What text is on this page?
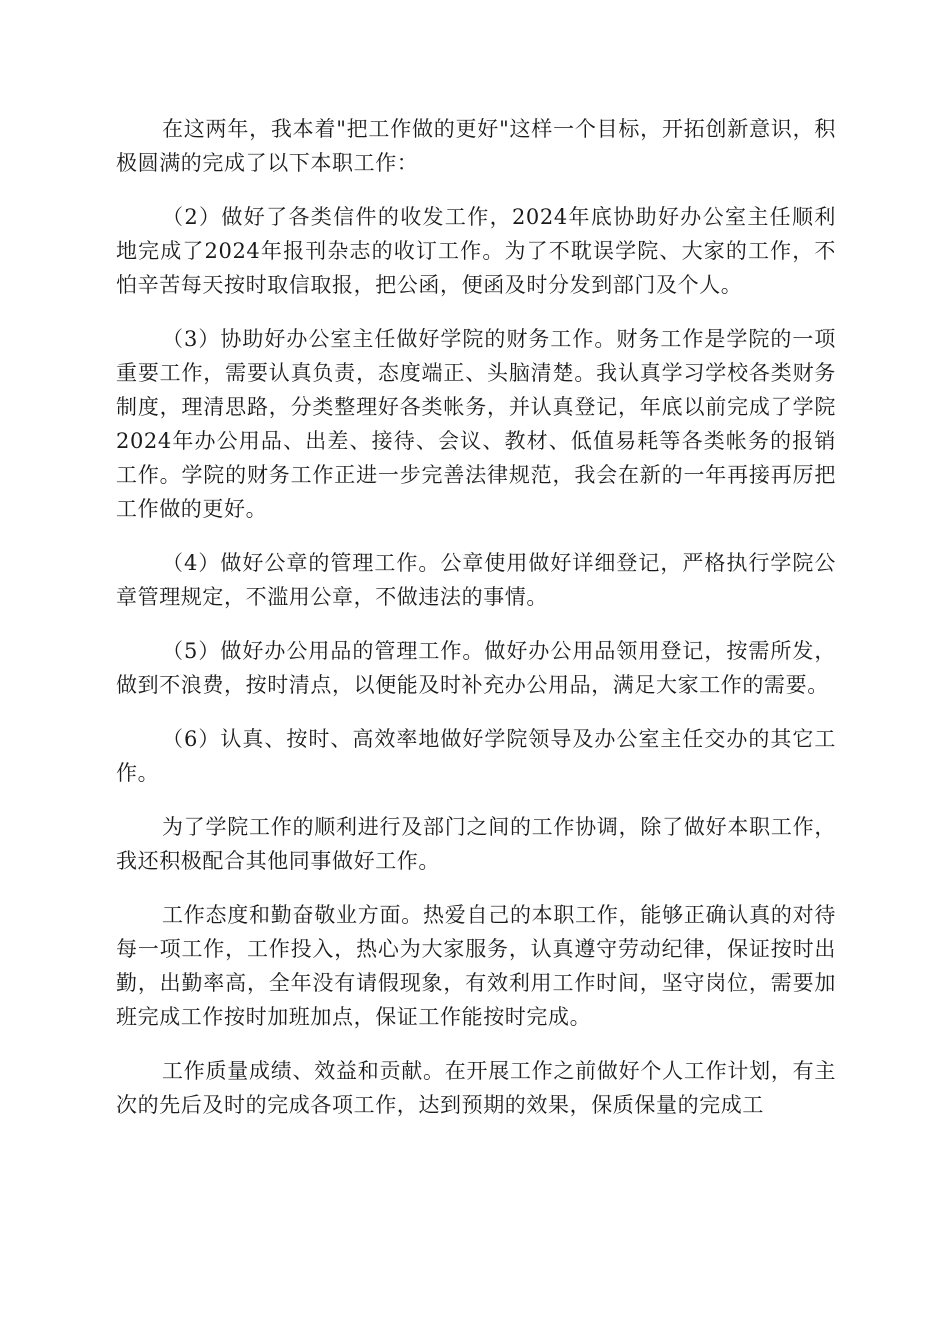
在这两年，我本着"把工作做的更好"这样一个目标，开拓创新意识，积极圆满的完成了以下本职工作：

（2）做好了各类信件的收发工作，2024年底协助好办公室主任顺利地完成了2024年报刊杂志的收订工作。为了不耽误学院、大家的工作，不怕辛苦每天按时取信取报，把公函，便函及时分发到部门及个人。

（3）协助好办公室主任做好学院的财务工作。财务工作是学院的一项重要工作，需要认真负责，态度端正、头脑清楚。我认真学习学校各类财务制度，理清思路，分类整理好各类帐务，并认真登记，年底以前完成了学院2024年办公用品、出差、接待、会议、教材、低值易耗等各类帐务的报销工作。学院的财务工作正进一步完善法律规范，我会在新的一年再接再厉把工作做的更好。

（4）做好公章的管理工作。公章使用做好详细登记，严格执行学院公章管理规定，不滥用公章，不做违法的事情。

（5）做好办公用品的管理工作。做好办公用品领用登记，按需所发，做到不浪费，按时清点，以便能及时补充办公用品，满足大家工作的需要。

（6）认真、按时、高效率地做好学院领导及办公室主任交办的其它工作。

为了学院工作的顺利进行及部门之间的工作协调，除了做好本职工作，我还积极配合其他同事做好工作。

工作态度和勤奋敬业方面。热爱自己的本职工作，能够正确认真的对待每一项工作，工作投入，热心为大家服务，认真遵守劳动纪律，保证按时出勤，出勤率高，全年没有请假现象，有效利用工作时间，坚守岗位，需要加班完成工作按时加班加点，保证工作能按时完成。

工作质量成绩、效益和贡献。在开展工作之前做好个人工作计划，有主次的先后及时的完成各项工作，达到预期的效果，保质保量的完成工
